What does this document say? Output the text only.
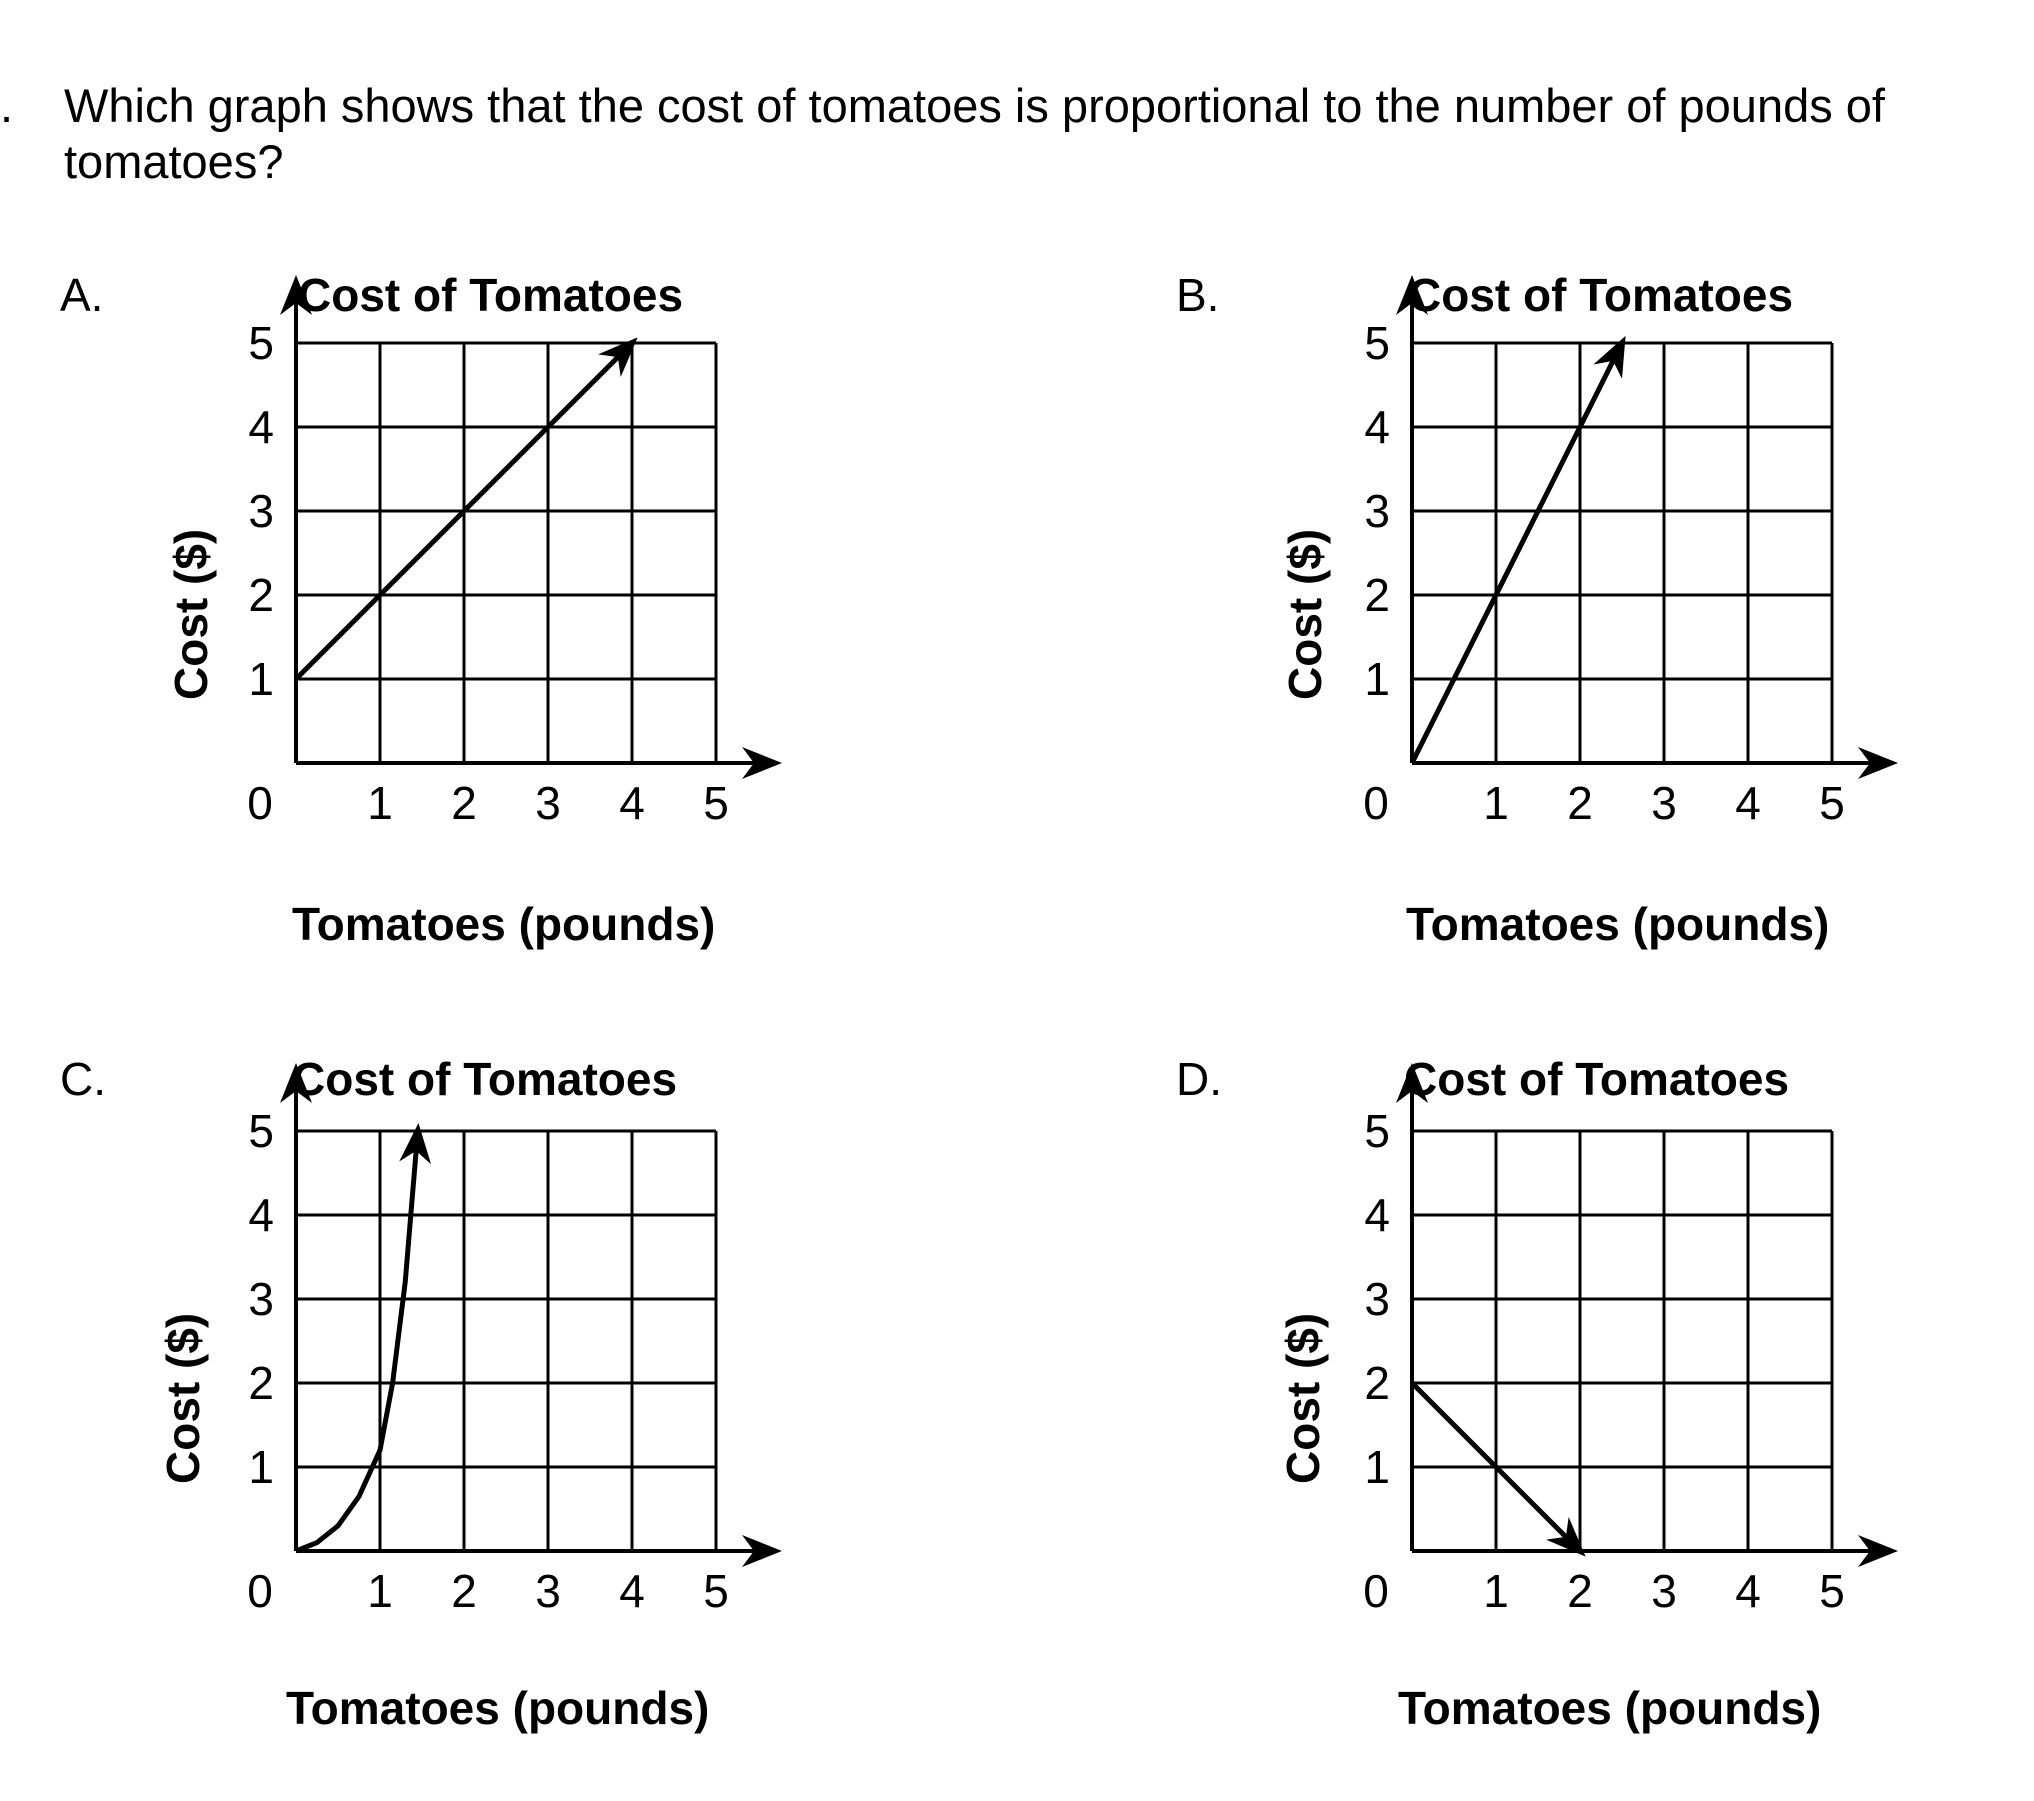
. Which graph shows that the cost of tomatoes is proportional to the number of pounds of tomatoes?
A.	Cost of Tomatoes
Cost ($)
Tomatoes (pounds)
0 1 2 3 4 5
1
2
3
4
5
B.	Cost of Tomatoes
Cost ($)
Tomatoes (pounds)
0 1 2 3 4 5
1
2
3
4
5
C.	Cost of Tomatoes
Cost ($)
Tomatoes (pounds)
0 1 2 3 4 5
1
2
3
4
5
D.	Cost of Tomatoes
Cost ($)
Tomatoes (pounds)
0 1 2 3 4 5
1
2
3
4
5
